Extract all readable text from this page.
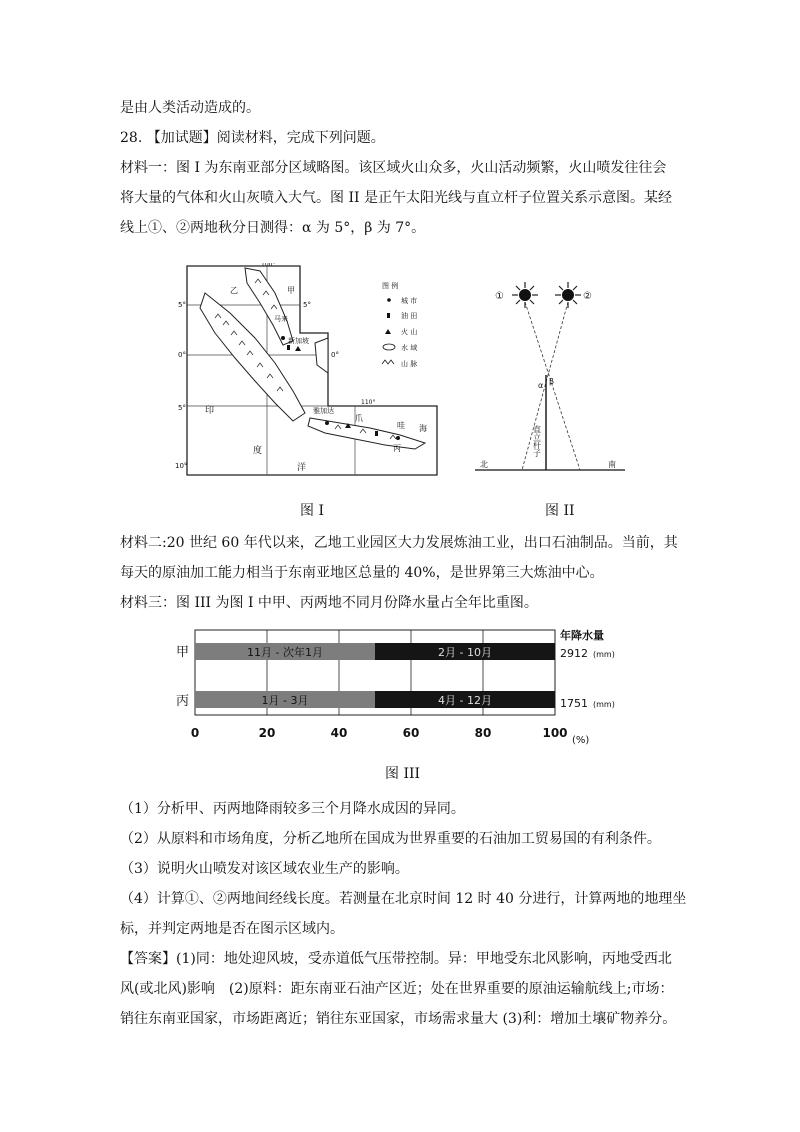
是由人类活动造成的。
28. 【加试题】阅读材料，完成下列问题。
材料一：图 I 为东南亚部分区域略图。该区域火山众多，火山活动频繁，火山喷发往往会
将大量的气体和火山灰喷入大气。图 II 是正午太阳光线与直立杆子位置关系示意图。某经
线上①、②两地秋分日测得：α 为 5°，β 为 7°。
图 例
城 市
油 田
火 山
水 域
山 脉
100°
110°
5°	5°
0°	0°
5°
10°
乙	甲
马来
新加坡
印
度
洋
爪
哇 海
丙
雅加达
图 I
①	②
α β
直立杆子
北	南
图 II
材料二:20 世纪 60 年代以来，乙地工业园区大力发展炼油工业，出口石油制品。当前，其
每天的原油加工能力相当于东南亚地区总量的 40%，是世界第三大炼油中心。
材料三：图 III 为图 I 中甲、丙两地不同月份降水量占全年比重图。
11月 - 次年1月	2月 - 10月
1月 - 3月	4月 - 12月
0	20	40	60	80	100
甲
丙
年降水量
2912 (mm)
1751 (mm)
(%)
图 III
（1）分析甲、丙两地降雨较多三个月降水成因的异同。
（2）从原料和市场角度，分析乙地所在国成为世界重要的石油加工贸易国的有利条件。
（3）说明火山喷发对该区域农业生产的影响。
（4）计算①、②两地间经线长度。若测量在北京时间 12 时 40 分进行，计算两地的地理坐
标，并判定两地是否在图示区域内。
【答案】(1)同：地处迎风坡，受赤道低气压带控制。异：甲地受东北风影响，丙地受西北
风(或北风)影响　(2)原料：距东南亚石油产区近；处在世界重要的原油运输航线上;市场：
销往东南亚国家，市场距离近；销往东亚国家，市场需求量大 (3)利：增加土壤矿物养分。
